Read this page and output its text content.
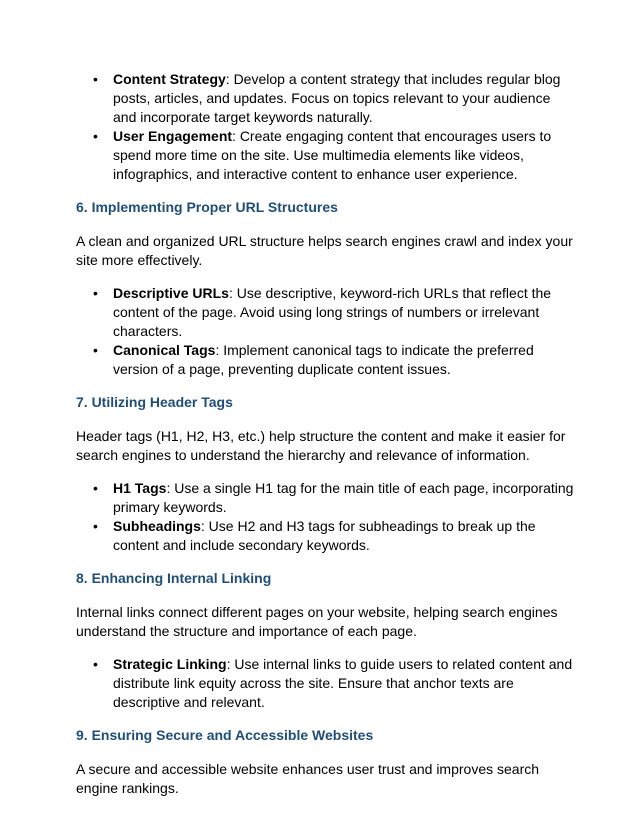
• Content Strategy: Develop a content strategy that includes regular blog posts, articles, and updates. Focus on topics relevant to your audience and incorporate target keywords naturally.
• User Engagement: Create engaging content that encourages users to spend more time on the site. Use multimedia elements like videos, infographics, and interactive content to enhance user experience.
6. Implementing Proper URL Structures

A clean and organized URL structure helps search engines crawl and index your site more effectively.

• Descriptive URLs: Use descriptive, keyword-rich URLs that reflect the content of the page. Avoid using long strings of numbers or irrelevant characters.
• Canonical Tags: Implement canonical tags to indicate the preferred version of a page, preventing duplicate content issues.
7. Utilizing Header Tags

Header tags (H1, H2, H3, etc.) help structure the content and make it easier for search engines to understand the hierarchy and relevance of information.

• H1 Tags: Use a single H1 tag for the main title of each page, incorporating primary keywords.
• Subheadings: Use H2 and H3 tags for subheadings to break up the content and include secondary keywords.
8. Enhancing Internal Linking

Internal links connect different pages on your website, helping search engines understand the structure and importance of each page.

• Strategic Linking: Use internal links to guide users to related content and distribute link equity across the site. Ensure that anchor texts are descriptive and relevant.
9. Ensuring Secure and Accessible Websites

A secure and accessible website enhances user trust and improves search engine rankings.
